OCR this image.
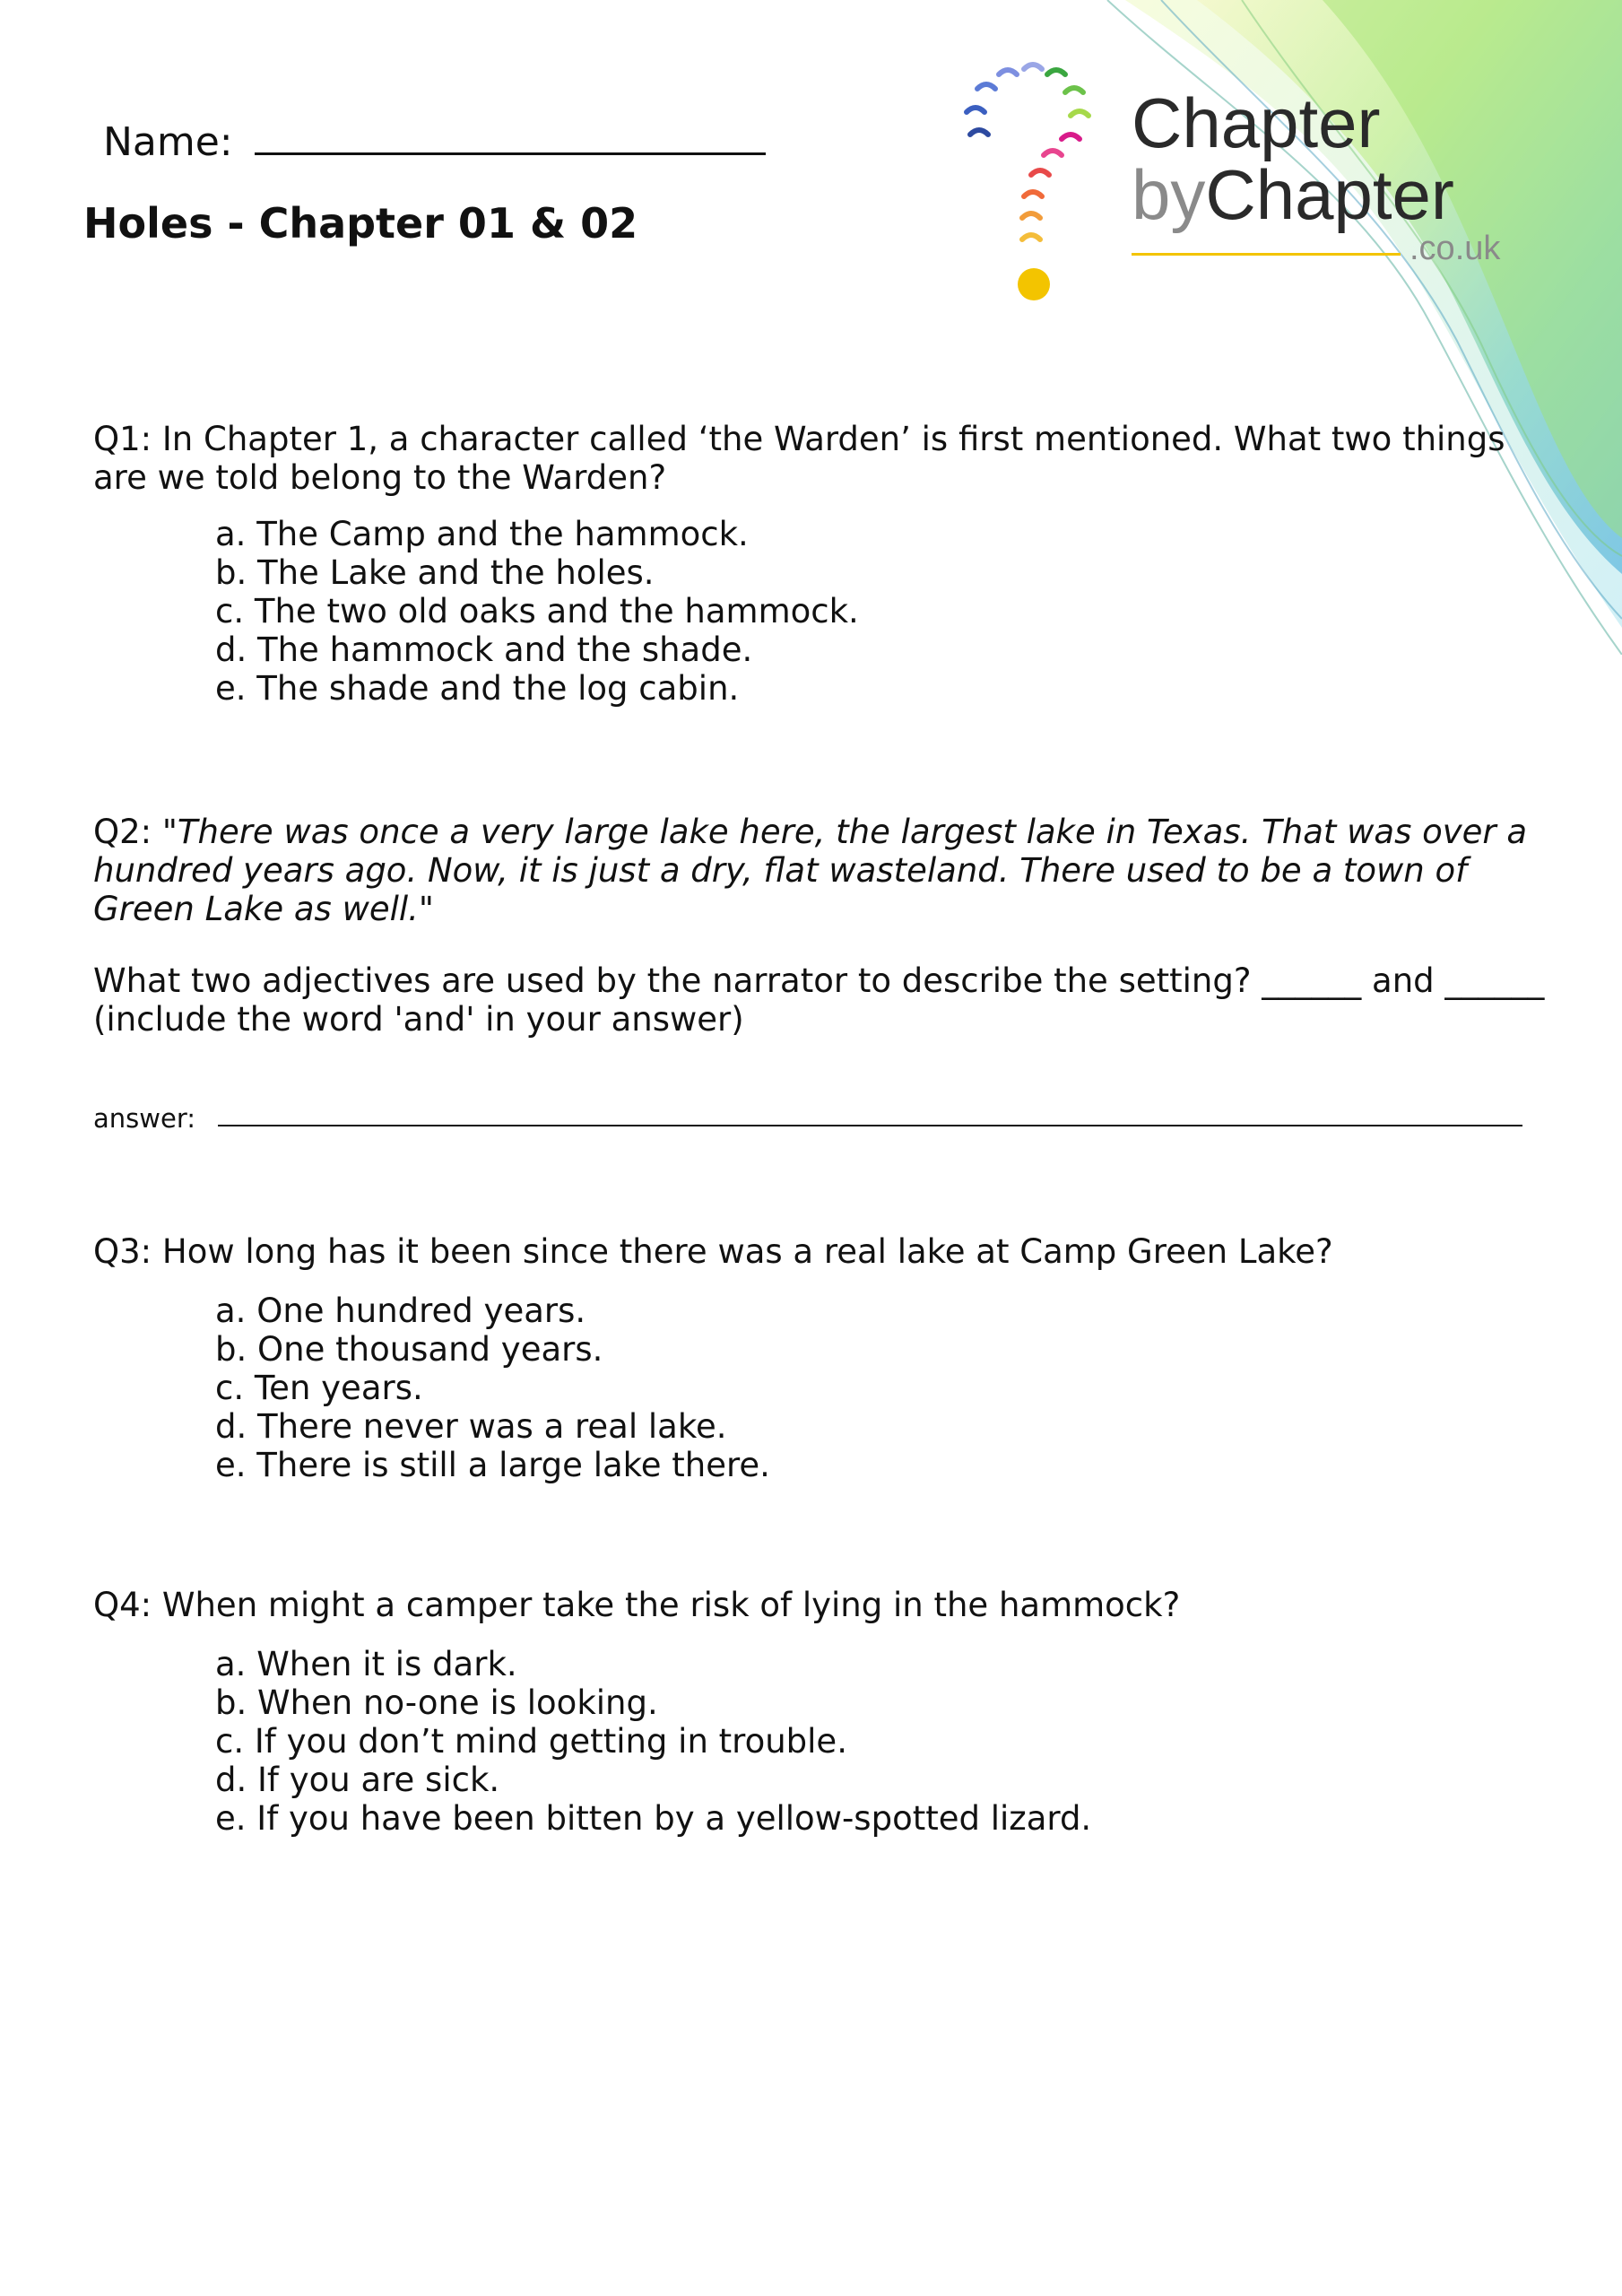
Chapter
byChapter
.co.uk
Name:
Holes - Chapter 01 & 02
Q1: In Chapter 1, a character called ‘the Warden’ is first mentioned. What two things
are we told belong to the Warden?
a. The Camp and the hammock.
b. The Lake and the holes.
c. The two old oaks and the hammock.
d. The hammock and the shade.
e. The shade and the log cabin.
Q2: "There was once a very large lake here, the largest lake in Texas. That was over a
hundred years ago. Now, it is just a dry, flat wasteland. There used to be a town of
Green Lake as well."
What two adjectives are used by the narrator to describe the setting? ______ and ______
(include the word 'and' in your answer)
answer:
Q3: How long has it been since there was a real lake at Camp Green Lake?
a. One hundred years.
b. One thousand years.
c. Ten years.
d. There never was a real lake.
e. There is still a large lake there.
Q4: When might a camper take the risk of lying in the hammock?
a. When it is dark.
b. When no-one is looking.
c. If you don’t mind getting in trouble.
d. If you are sick.
e. If you have been bitten by a yellow-spotted lizard.
